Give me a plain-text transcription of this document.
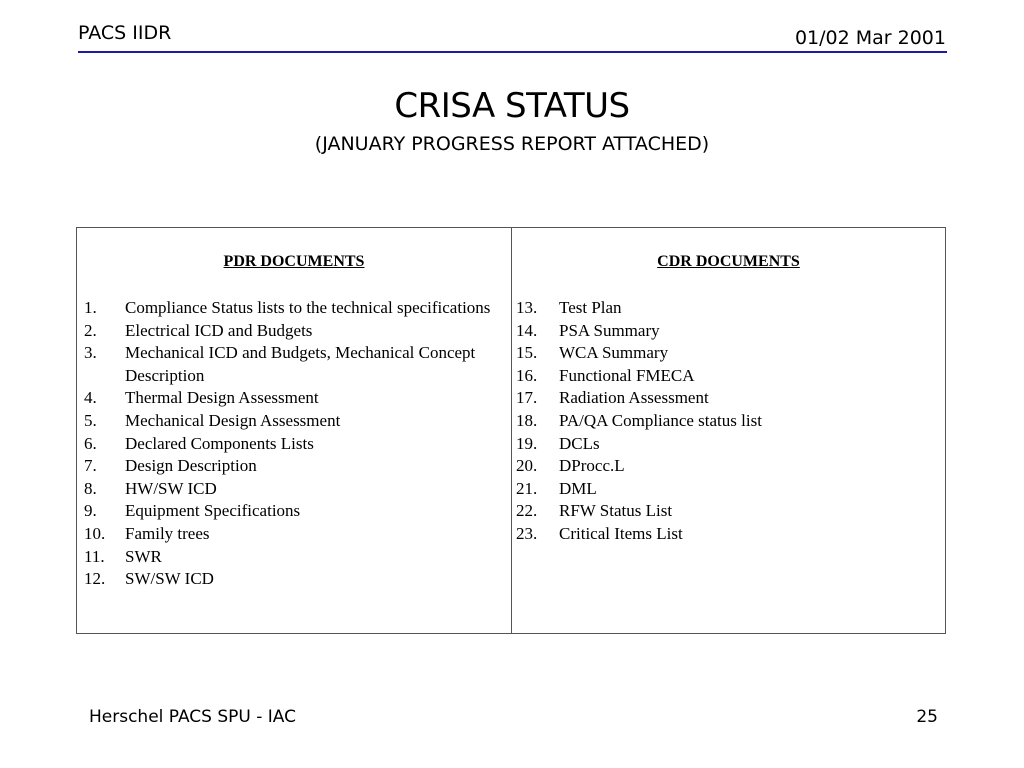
PACS IIDR	01/02 Mar 2001
CRISA STATUS
(JANUARY PROGRESS REPORT ATTACHED)
PDR DOCUMENTS
1.	Compliance Status lists to the technical specifications
2.	Electrical ICD and Budgets
3.	Mechanical ICD and Budgets, Mechanical Concept Description
4.	Thermal Design Assessment
5.	Mechanical Design Assessment
6.	Declared Components Lists
7.	Design Description
8.	HW/SW ICD
9.	Equipment Specifications
10.	Family trees
11.	SWR
12.	SW/SW ICD
CDR DOCUMENTS
13.	Test Plan
14.	PSA Summary
15.	WCA Summary
16.	Functional FMECA
17.	Radiation Assessment
18.	PA/QA Compliance status list
19.	DCLs
20.	DProcc.L
21.	DML
22.	RFW Status List
23.	Critical Items List
Herschel PACS SPU - IAC	25
